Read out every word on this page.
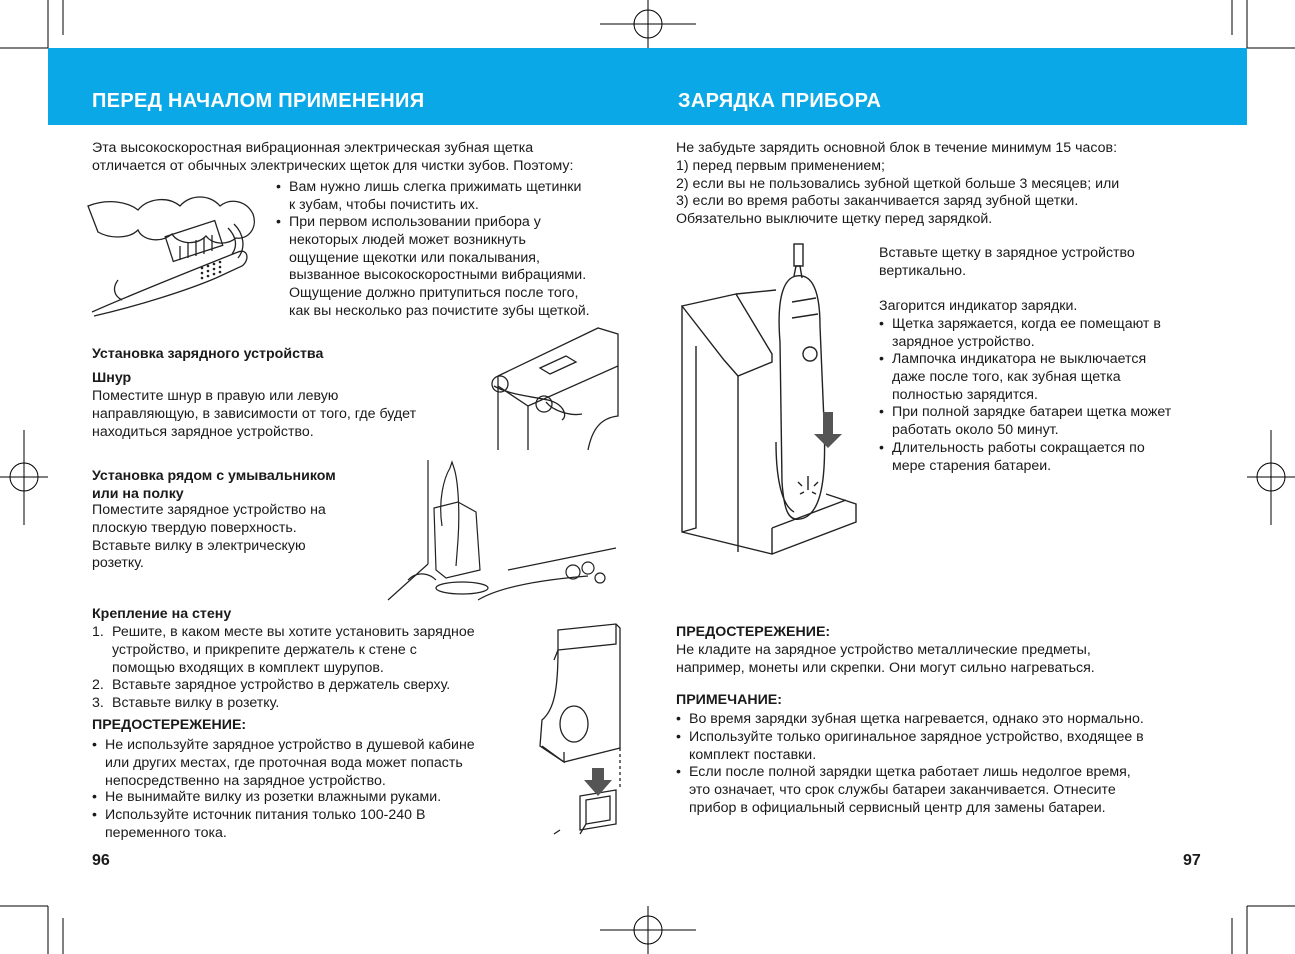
ПЕРЕД НАЧАЛОМ ПРИМЕНЕНИЯ	ЗАРЯДКА ПРИБОРА
Эта высокоскоростная вибрационная электрическая зубная щетка
отличается от обычных электрических щеток для чистки зубов. Поэтому:
• Вам нужно лишь слегка прижимать щетинки
к зубам, чтобы почистить их.
• При первом использовании прибора у
некоторых людей может возникнуть
ощущение щекотки или покалывания,
вызванное высокоскоростными вибрациями.
Ощущение должно притупиться после того,
как вы несколько раз почистите зубы щеткой.
Установка зарядного устройства
Шнур
Поместите шнур в правую или левую
направляющую, в зависимости от того, где будет
находиться зарядное устройство.
Установка рядом с умывальником
или на полку
Поместите зарядное устройство на
плоскую твердую поверхность.
Вставьте вилку в электрическую
розетку.
Крепление на стену
1. Решите, в каком месте вы хотите установить зарядное
устройство, и прикрепите держатель к стене с
помощью входящих в комплект шурупов.
2. Вставьте зарядное устройство в держатель сверху.
3. Вставьте вилку в розетку.
ПРЕДОСТЕРЕЖЕНИЕ:
• Не используйте зарядное устройство в душевой кабине
или других местах, где проточная вода может попасть
непосредственно на зарядное устройство.
• Не вынимайте вилку из розетки влажными руками.
• Используйте источник питания только 100-240 В
переменного тока.
96
Не забудьте зарядить основной блок в течение минимум 15 часов:
1) перед первым применением;
2) если вы не пользовались зубной щеткой больше 3 месяцев; или
3) если во время работы заканчивается заряд зубной щетки.
Обязательно выключите щетку перед зарядкой.
Вставьте щетку в зарядное устройство
вертикально.
Загорится индикатор зарядки.
• Щетка заряжается, когда ее помещают в
зарядное устройство.
• Лампочка индикатора не выключается
даже после того, как зубная щетка
полностью зарядится.
• При полной зарядке батареи щетка может
работать около 50 минут.
• Длительность работы сокращается по
мере старения батареи.
ПРЕДОСТЕРЕЖЕНИЕ:
Не кладите на зарядное устройство металлические предметы,
например, монеты или скрепки. Они могут сильно нагреваться.
ПРИМЕЧАНИЕ:
• Во время зарядки зубная щетка нагревается, однако это нормально.
• Используйте только оригинальное зарядное устройство, входящее в
комплект поставки.
• Если после полной зарядки щетка работает лишь недолгое время,
это означает, что срок службы батареи заканчивается. Отнесите
прибор в официальный сервисный центр для замены батареи.
97
